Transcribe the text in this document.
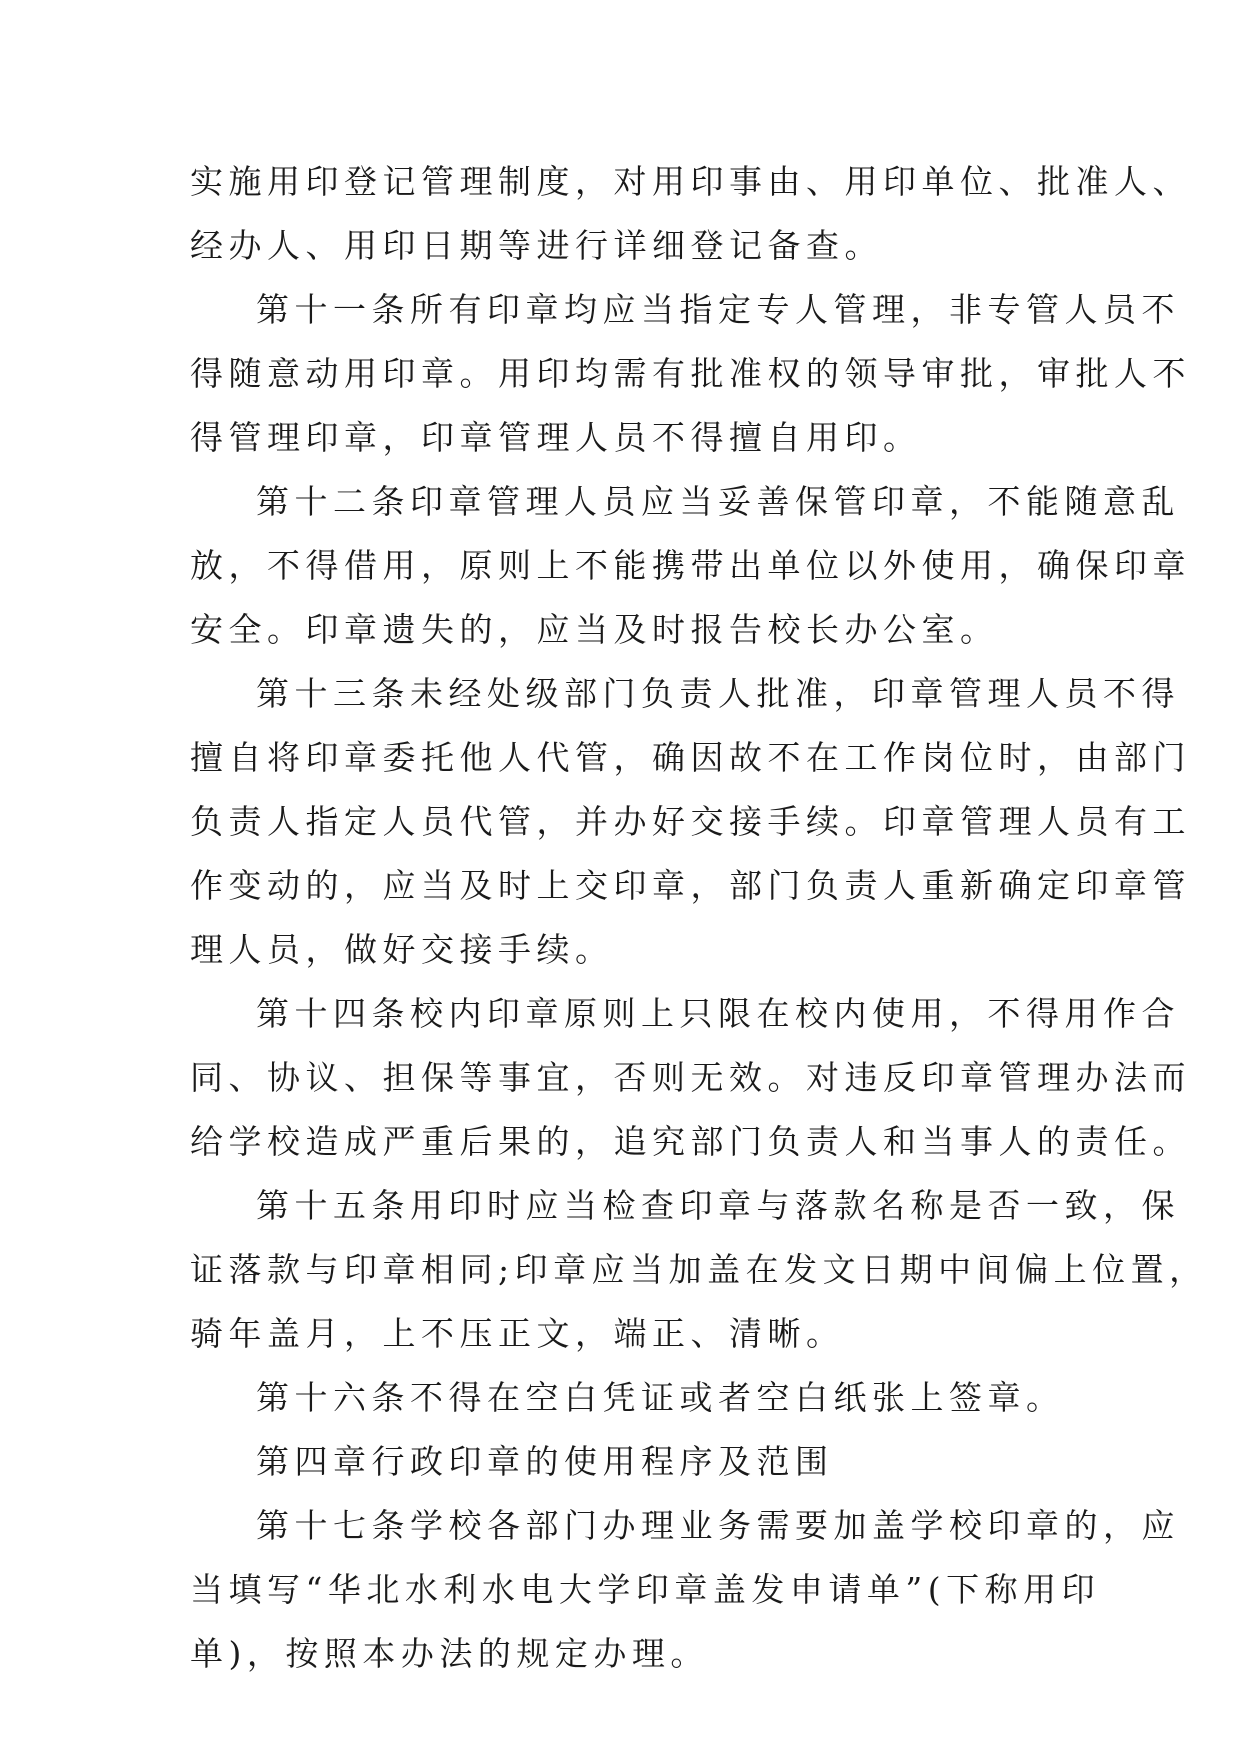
实施用印登记管理制度，对用印事由、用印单位、批准人、
经办人、用印日期等进行详细登记备查。
第十一条所有印章均应当指定专人管理，非专管人员不
得随意动用印章。用印均需有批准权的领导审批，审批人不
得管理印章，印章管理人员不得擅自用印。
第十二条印章管理人员应当妥善保管印章，不能随意乱
放，不得借用，原则上不能携带出单位以外使用，确保印章
安全。印章遗失的，应当及时报告校长办公室。
第十三条未经处级部门负责人批准，印章管理人员不得
擅自将印章委托他人代管，确因故不在工作岗位时，由部门
负责人指定人员代管，并办好交接手续。印章管理人员有工
作变动的，应当及时上交印章，部门负责人重新确定印章管
理人员，做好交接手续。
第十四条校内印章原则上只限在校内使用，不得用作合
同、协议、担保等事宜，否则无效。对违反印章管理办法而
给学校造成严重后果的，追究部门负责人和当事人的责任。
第十五条用印时应当检查印章与落款名称是否一致，保
证落款与印章相同;印章应当加盖在发文日期中间偏上位置，
骑年盖月，上不压正文，端正、清晰。
第十六条不得在空白凭证或者空白纸张上签章。
第四章行政印章的使用程序及范围
第十七条学校各部门办理业务需要加盖学校印章的，应
当填写“华北水利水电大学印章盖发申请单”(下称用印
单)，按照本办法的规定办理。
